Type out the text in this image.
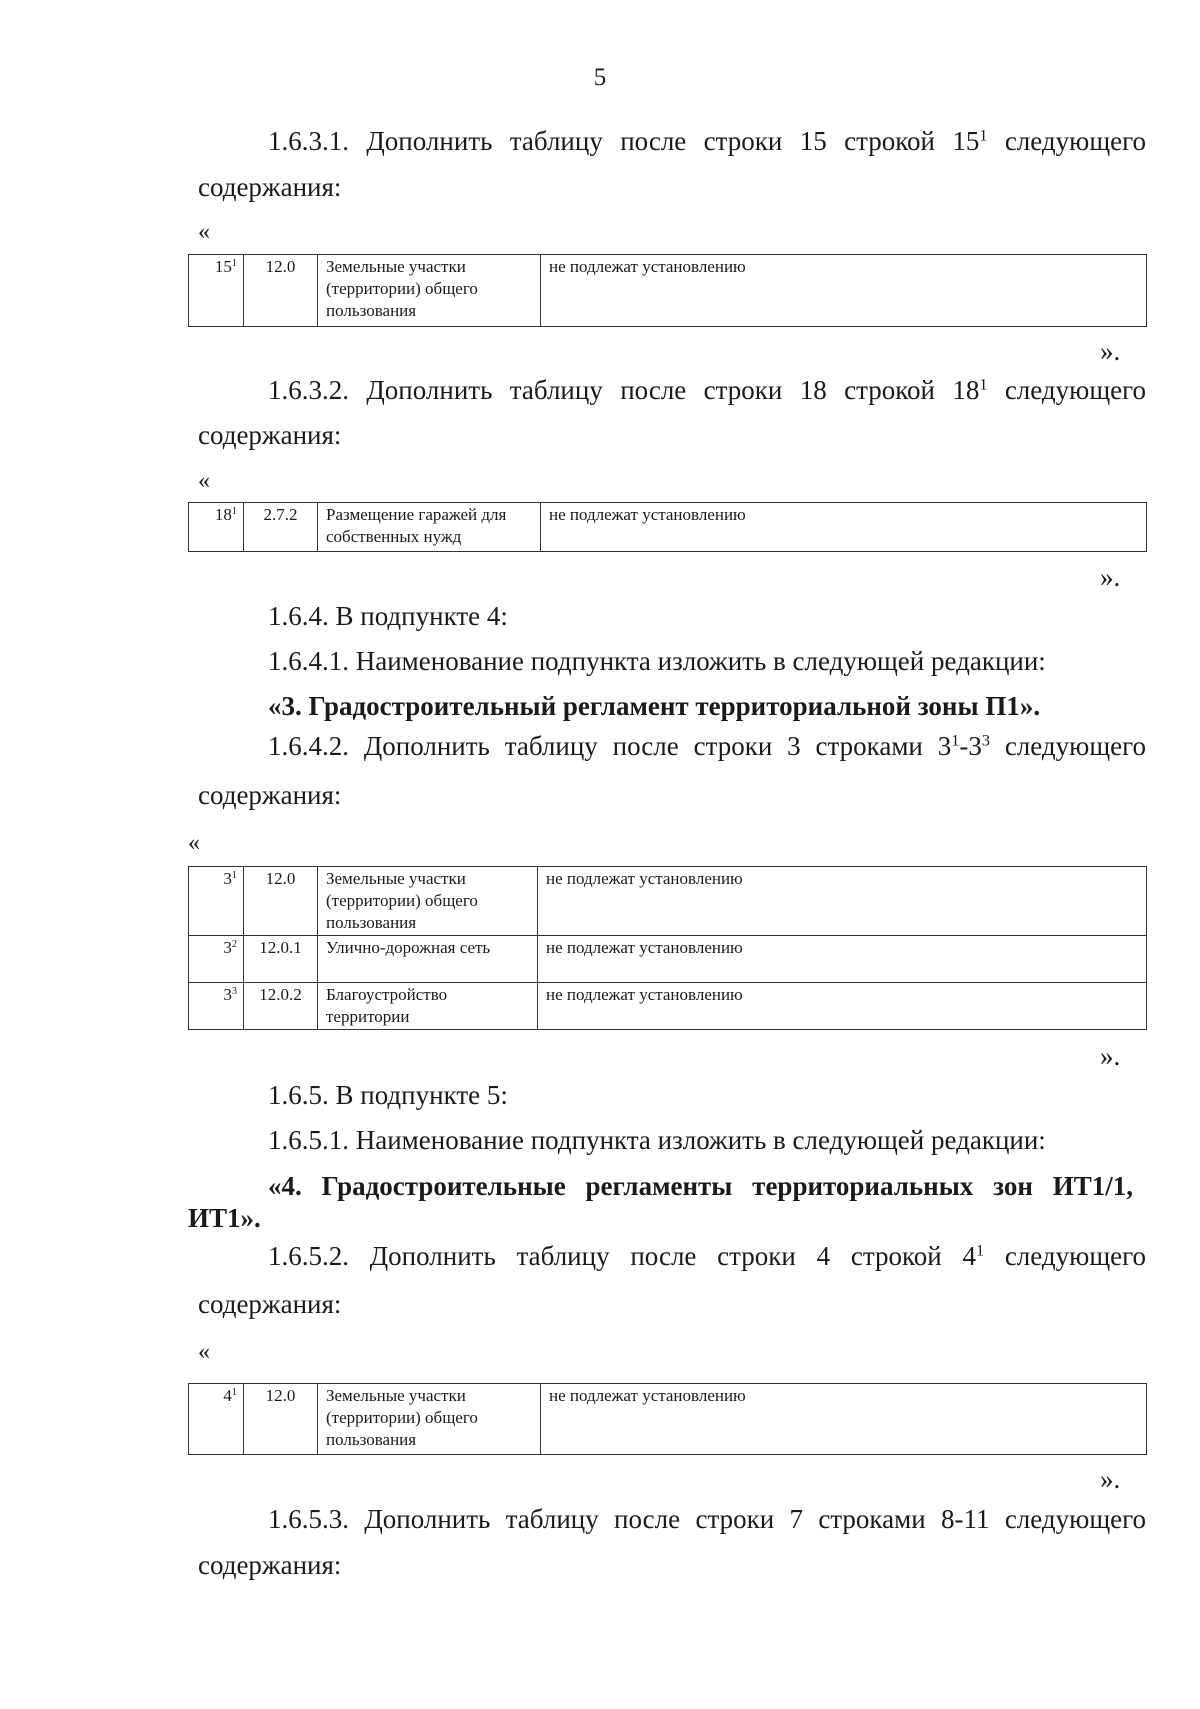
5
1.6.3.1. Дополнить таблицу после строки 15 строкой $15^1$ следующего
содержания:
«
$15^1$	12.0	Земельные участки (территории) общего пользования	не подлежат установлению
».
1.6.3.2. Дополнить таблицу после строки 18 строкой $18^1$ следующего
содержания:
«
$18^1$	2.7.2	Размещение гаражей для собственных нужд	не подлежат установлению
».
1.6.4. В подпункте 4:
1.6.4.1. Наименование подпункта изложить в следующей редакции:
«3. Градостроительный регламент территориальной зоны П1».
1.6.4.2. Дополнить таблицу после строки 3 строками $3^1-3^3$ следующего
содержания:
«
$3^1$	12.0	Земельные участки (территории) общего пользования	не подлежат установлению
$3^2$	12.0.1	Улично-дорожная сеть	не подлежат установлению
$3^3$	12.0.2	Благоустройство территории	не подлежат установлению
».
1.6.5. В подпункте 5:
1.6.5.1. Наименование подпункта изложить в следующей редакции:
«4. Градостроительные регламенты территориальных зон ИТ1/1,
ИТ1».
1.6.5.2. Дополнить таблицу после строки 4 строкой $4^1$ следующего
содержания:
«
$4^1$	12.0	Земельные участки (территории) общего пользования	не подлежат установлению
».
1.6.5.3. Дополнить таблицу после строки 7 строками 8-11 следующего
содержания:
